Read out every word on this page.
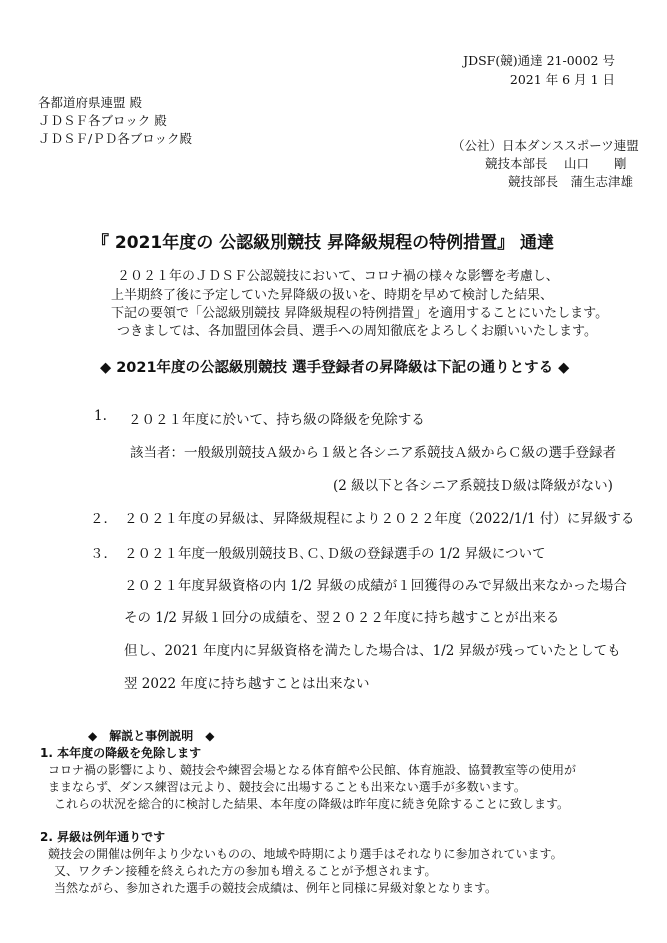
JDSF(競)通達 21-0002 号
2021 年 6 月 1 日
各都道府県連盟 殿
ＪＤＳＦ各ブロック 殿
ＪＤＳＦ/ＰＤ各ブロック殿	（公社）日本ダンススポーツ連盟
競技本部長　 山口　　剛
競技部長　蒲生志津雄
『 2021年度の 公認級別競技 昇降級規程の特例措置』 通達
２０２１年のＪＤＳＦ公認競技において、コロナ禍の様々な影響を考慮し、
上半期終了後に予定していた昇降級の扱いを、時期を早めて検討した結果、
下記の要領で「公認級別競技 昇降級規程の特例措置」を適用することにいたします。
つきましては、各加盟団体会員、選手への周知徹底をよろしくお願いいたします。
◆ 2021年度の公認級別競技 選手登録者の昇降級は下記の通りとする ◆
1. ２０２１年度に於いて、持ち級の降級を免除する
該当者：一般級別競技Ａ級から１級と各シニア系競技Ａ級からＣ級の選手登録者
(2 級以下と各シニア系競技Ｄ級は降級がない)
２． ２０２１年度の昇級は、昇降級規程により２０２２年度（2022/1/1 付）に昇級する
３． ２０２１年度一般級別競技Ｂ､Ｃ､Ｄ級の登録選手の 1/2 昇級について
２０２１年度昇級資格の内 1/2 昇級の成績が１回獲得のみで昇級出来なかった場合
その 1/2 昇級１回分の成績を、翌２０２２年度に持ち越すことが出来る
但し、2021 年度内に昇級資格を満たした場合は、1/2 昇級が残っていたとしても
翌 2022 年度に持ち越すことは出来ない
◆　解説と事例説明　◆
1. 本年度の降級を免除します
コロナ禍の影響により、競技会や練習会場となる体育館や公民館、体育施設、協賛教室等の使用が
ままならず、ダンス練習は元より、競技会に出場することも出来ない選手が多数います。
これらの状況を総合的に検討した結果、本年度の降級は昨年度に続き免除することに致します。
2. 昇級は例年通りです
競技会の開催は例年より少ないものの、地域や時期により選手はそれなりに参加されています。
又、ワクチン接種を終えられた方の参加も増えることが予想されます。
当然ながら、参加された選手の競技会成績は、例年と同様に昇級対象となります。
